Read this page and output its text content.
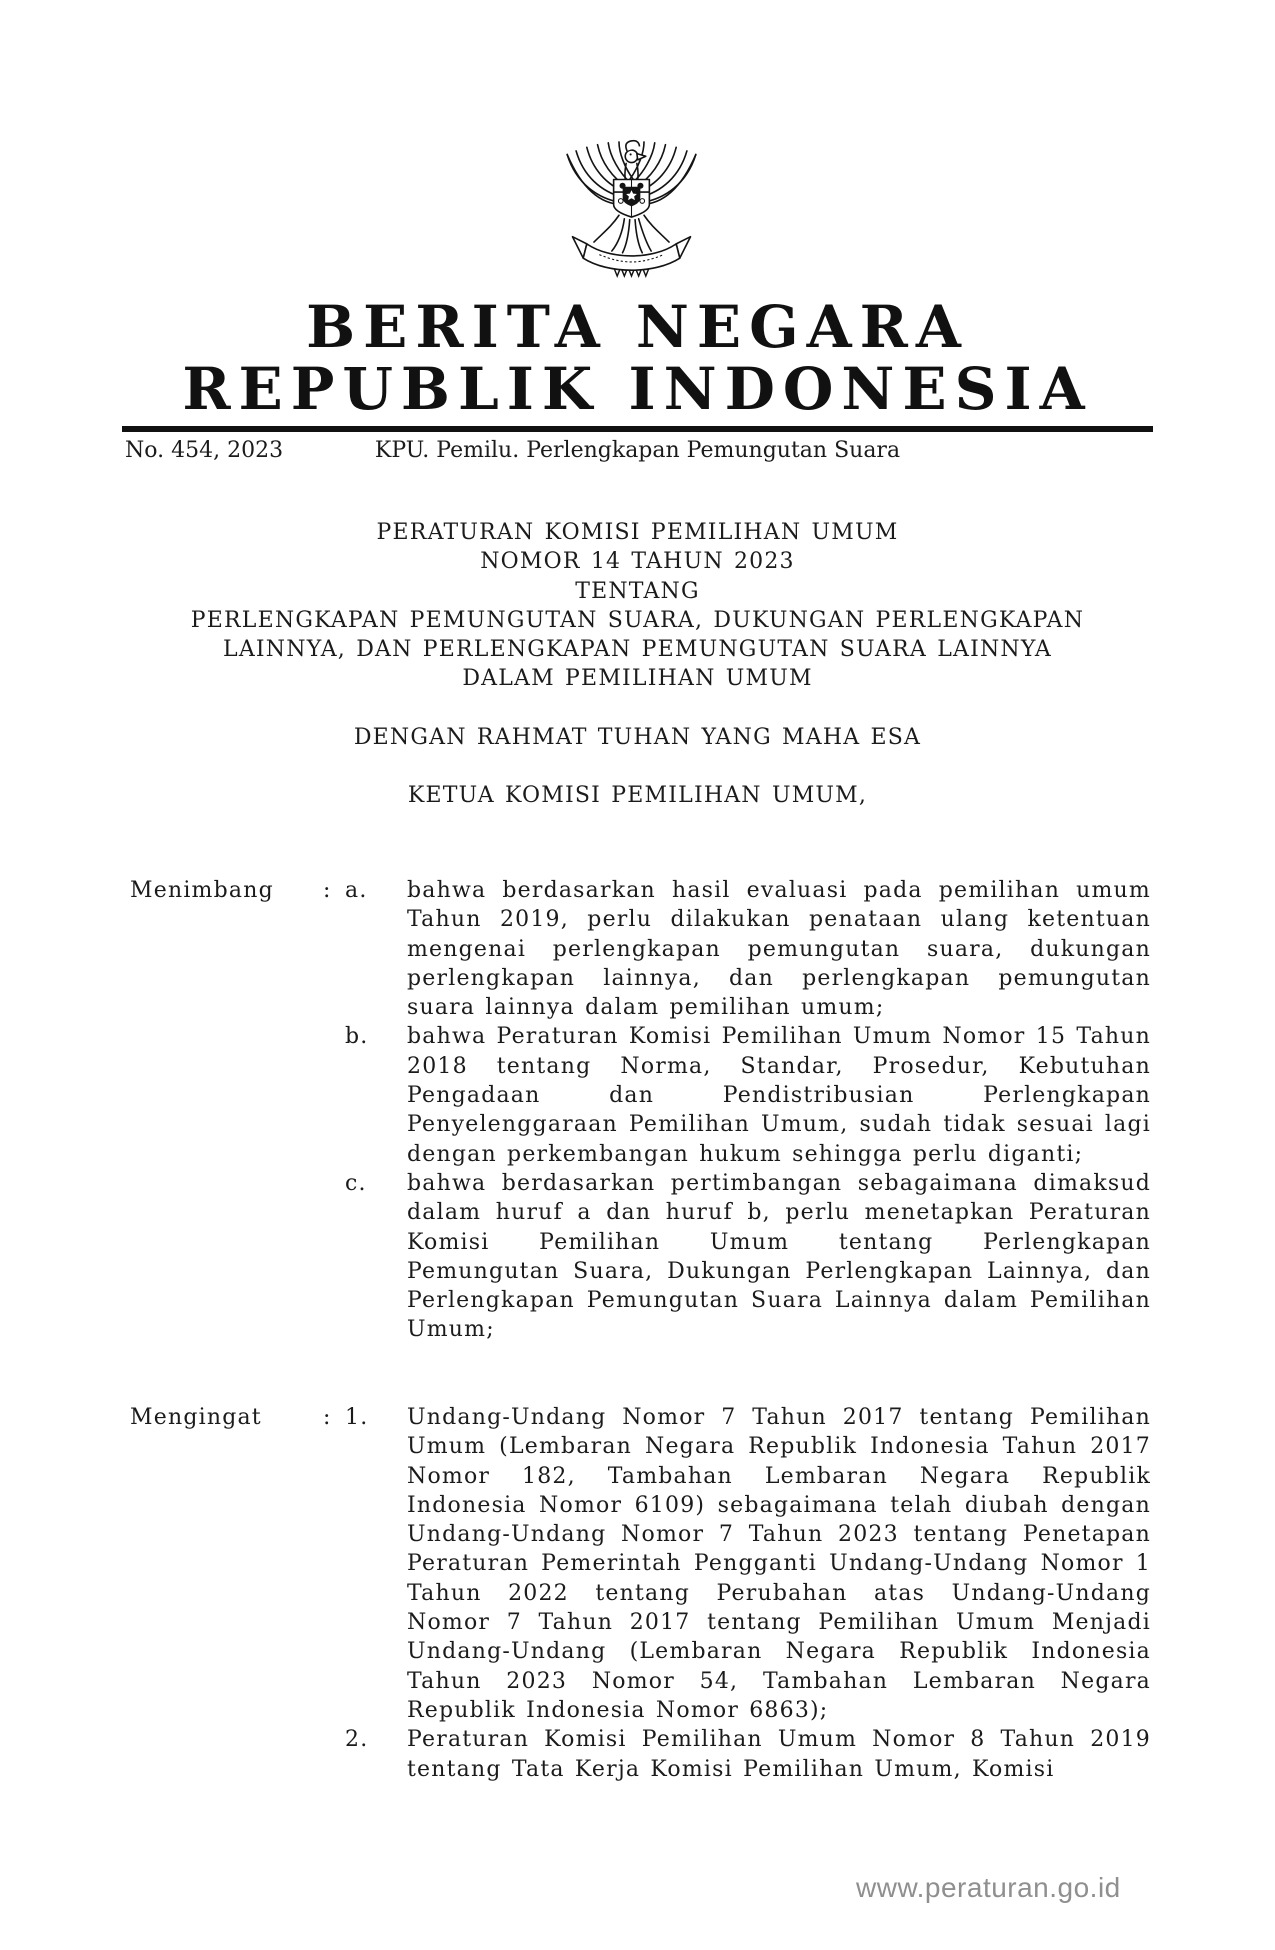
BERITA NEGARA
REPUBLIK INDONESIA
No. 454, 2023	KPU. Pemilu. Perlengkapan Pemungutan Suara
PERATURAN KOMISI PEMILIHAN UMUM
NOMOR 14 TAHUN 2023
TENTANG
PERLENGKAPAN PEMUNGUTAN SUARA, DUKUNGAN PERLENGKAPAN
LAINNYA, DAN PERLENGKAPAN PEMUNGUTAN SUARA LAINNYA
DALAM PEMILIHAN UMUM
DENGAN RAHMAT TUHAN YANG MAHA ESA
KETUA KOMISI PEMILIHAN UMUM,
Menimbang	: a.	bahwa berdasarkan hasil evaluasi pada pemilihan umum Tahun 2019, perlu dilakukan penataan ulang ketentuan mengenai perlengkapan pemungutan suara, dukungan perlengkapan lainnya, dan perlengkapan pemungutan suara lainnya dalam pemilihan umum;
b.	bahwa Peraturan Komisi Pemilihan Umum Nomor 15 Tahun 2018 tentang Norma, Standar, Prosedur, Kebutuhan Pengadaan dan Pendistribusian Perlengkapan Penyelenggaraan Pemilihan Umum, sudah tidak sesuai lagi dengan perkembangan hukum sehingga perlu diganti;
c.	bahwa berdasarkan pertimbangan sebagaimana dimaksud dalam huruf a dan huruf b, perlu menetapkan Peraturan Komisi Pemilihan Umum tentang Perlengkapan Pemungutan Suara, Dukungan Perlengkapan Lainnya, dan Perlengkapan Pemungutan Suara Lainnya dalam Pemilihan Umum;
Mengingat	: 1.	Undang-Undang Nomor 7 Tahun 2017 tentang Pemilihan Umum (Lembaran Negara Republik Indonesia Tahun 2017 Nomor 182, Tambahan Lembaran Negara Republik Indonesia Nomor 6109) sebagaimana telah diubah dengan Undang-Undang Nomor 7 Tahun 2023 tentang Penetapan Peraturan Pemerintah Pengganti Undang-Undang Nomor 1 Tahun 2022 tentang Perubahan atas Undang-Undang Nomor 7 Tahun 2017 tentang Pemilihan Umum Menjadi Undang-Undang (Lembaran Negara Republik Indonesia Tahun 2023 Nomor 54, Tambahan Lembaran Negara Republik Indonesia Nomor 6863);
2.	Peraturan Komisi Pemilihan Umum Nomor 8 Tahun 2019 tentang Tata Kerja Komisi Pemilihan Umum, Komisi
www.peraturan.go.id
